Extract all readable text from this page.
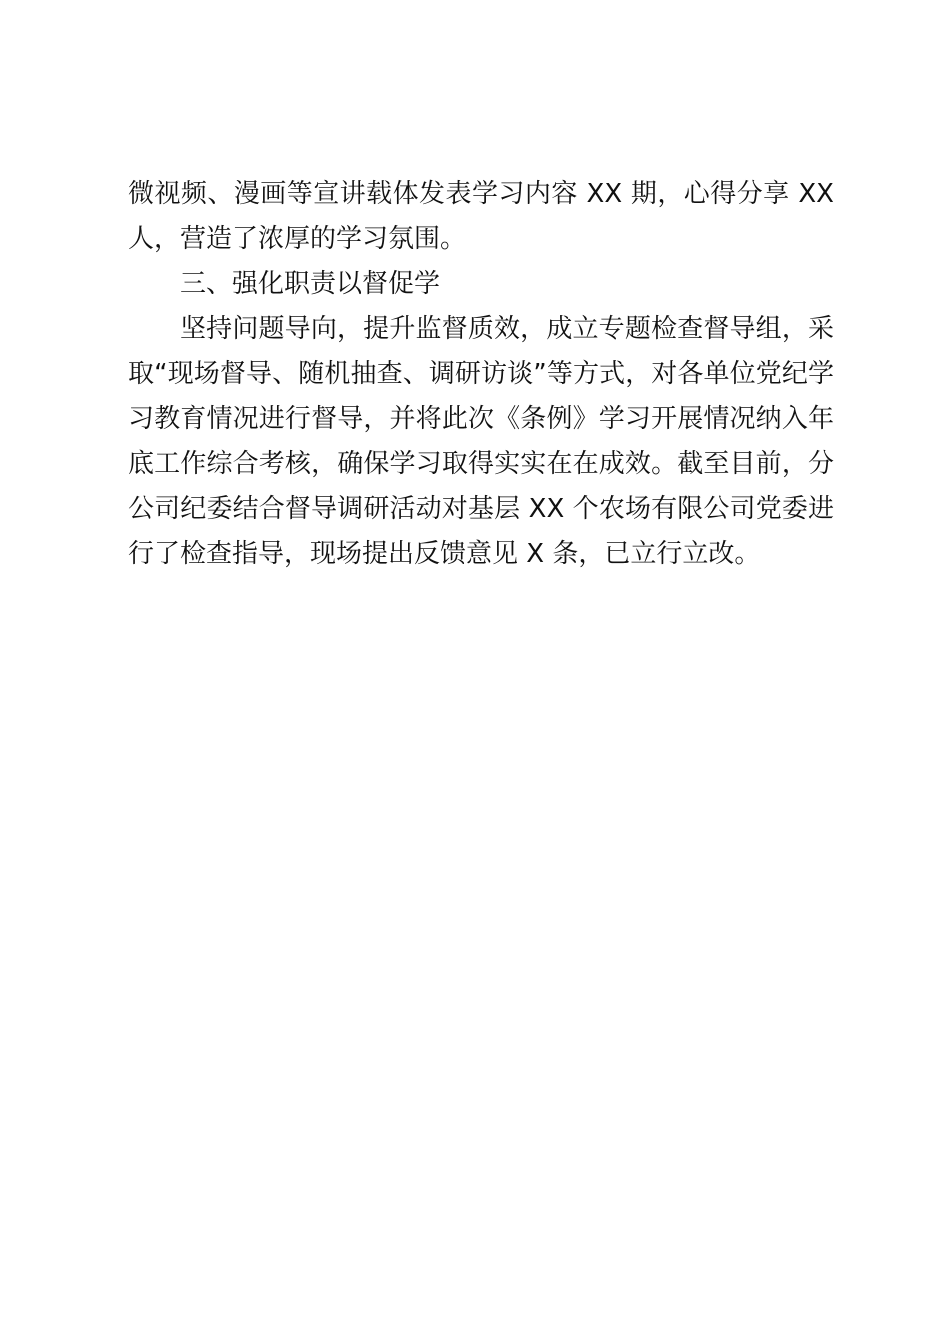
微视频、漫画等宣讲载体发表学习内容 XX 期，心得分享 XX
人，营造了浓厚的学习氛围。
三、强化职责以督促学
坚持问题导向，提升监督质效，成立专题检查督导组，采
取“现场督导、随机抽查、调研访谈”等方式，对各单位党纪学
习教育情况进行督导，并将此次《条例》学习开展情况纳入年
底工作综合考核，确保学习取得实实在在成效。截至目前，分
公司纪委结合督导调研活动对基层 XX 个农场有限公司党委进
行了检查指导，现场提出反馈意见 X 条，已立行立改。
